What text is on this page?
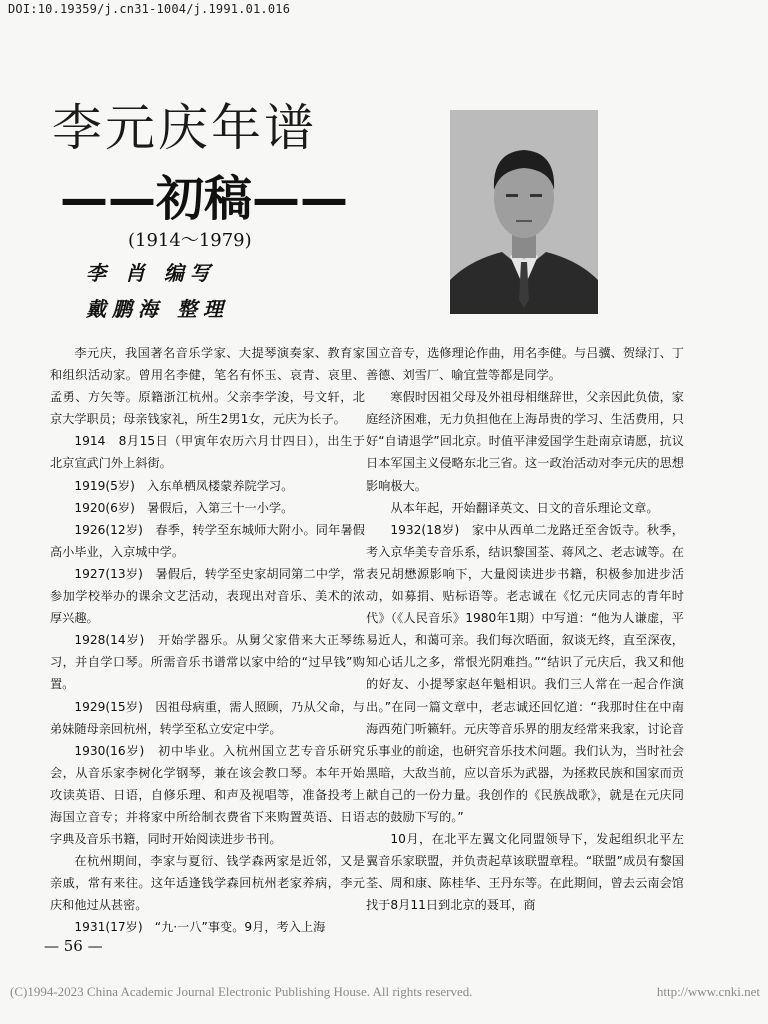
DOI:10.19359/j.cn31-1004/j.1991.01.016
李元庆年谱
——初稿——
(1914～1979)
李 肖 编写
戴鹏海 整理

李元庆，我国著名音乐学家、大提琴演奏家、教育家和组织活动家。曾用名李健，笔名有怀玉、哀青、哀里、孟勇、方矢等。原籍浙江杭州。父亲李学浚，号文轩，北京大学职员；母亲钱家礼，所生2男1女，元庆为长子。

1914　8月15日（甲寅年农历六月廿四日），出生于北京宣武门外上斜街。

1919(5岁)　入东单栖凤楼蒙养院学习。

1920(6岁)　暑假后，入第三十一小学。

1926(12岁)　春季，转学至东城师大附小。同年暑假高小毕业，入京城中学。

1927(13岁)　暑假后，转学至史家胡同第二中学，常参加学校举办的课余文艺活动，表现出对音乐、美术的浓厚兴趣。

1928(14岁)　开始学器乐。从舅父家借来大正琴练习，并自学口琴。所需音乐书谱常以家中给的“过早钱”购置。

1929(15岁)　因祖母病重，需人照顾，乃从父命，与弟妹随母亲回杭州，转学至私立安定中学。

1930(16岁)　初中毕业。入杭州国立艺专音乐研究会，从音乐家李树化学钢琴，兼在该会教口琴。本年开始攻读英语、日语，自修乐理、和声及视唱等，准备投考上海国立音专；并将家中所给制衣费省下来购置英语、日语字典及音乐书籍，同时开始阅读进步书刊。

在杭州期间，李家与夏衍、钱学森两家是近邻，又是亲戚，常有来往。这年适逢钱学森回杭州老家养病，李元庆和他过从甚密。

1931(17岁)　“九·一八”事变。9月，考入上海

国立音专，选修理论作曲，用名李健。与吕骥、贺绿汀、丁善德、刘雪厂、喻宜萱等都是同学。

寒假时因祖父母及外祖母相继辞世，父亲因此负债，家庭经济困难，无力负担他在上海昂贵的学习、生活费用，只好“自请退学”回北京。时值平津爱国学生赴南京请愿，抗议日本军国主义侵略东北三省。这一政治活动对李元庆的思想影响极大。

从本年起，开始翻译英文、日文的音乐理论文章。

1932(18岁)　家中从西单二龙路迁至舍饭寺。秋季，考入京华美专音乐系，结识黎国荃、蒋风之、老志诚等。在表兄胡懋源影响下，大量阅读进步书籍，积极参加进步活动，如募捐、贴标语等。老志诚在《忆元庆同志的青年时代》（《人民音乐》1980年1期）中写道：“他为人谦虚，平易近人，和蔼可亲。我们每次晤面，叙谈无终，直至深夜，知心话儿之多，常恨光阴难挡。”“结识了元庆后，我又和他的好友、小提琴家赵年魁相识。我们三人常在一起合作演出。”在同一篇文章中，老志诚还回忆道：“我那时住在中南海西苑门听籁轩。元庆等音乐界的朋友经常来我家，讨论音乐事业的前途，也研究音乐技术问题。我们认为，当时社会黑暗，大敌当前，应以音乐为武器，为拯救民族和国家而贡献自己的一份力量。我创作的《民族战歌》，就是在元庆同志的鼓励下写的。”

10月，在北平左翼文化同盟领导下，发起组织北平左翼音乐家联盟，并负责起草该联盟章程。“联盟”成员有黎国荃、周和康、陈桂华、王丹东等。在此期间，曾去云南会馆找于8月11日到北京的聂耳，商

— 56 —
(C)1994-2023 China Academic Journal Electronic Publishing House. All rights reserved.	http://www.cnki.net
